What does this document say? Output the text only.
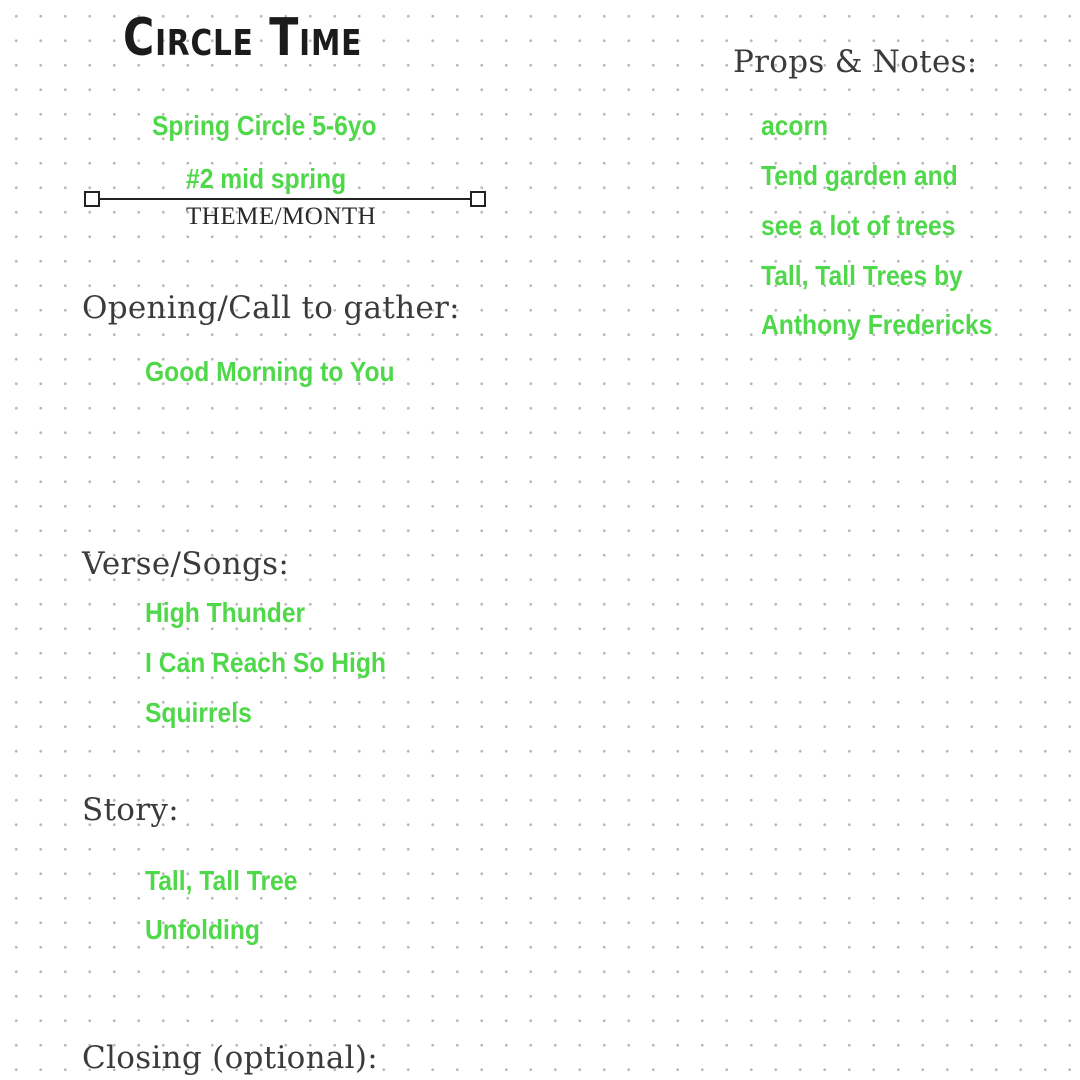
Circle Time
Spring Circle 5-6yo
#2 mid spring
THEME/MONTH
Props & Notes:
acorn
Tend garden and
see a lot of trees
Tall, Tall Trees by
Anthony Fredericks
Opening/Call to gather:
Good Morning to You
Verse/Songs:
High Thunder
I Can Reach So High
Squirrels
Story:
Tall, Tall Tree
Unfolding
Closing (optional):
